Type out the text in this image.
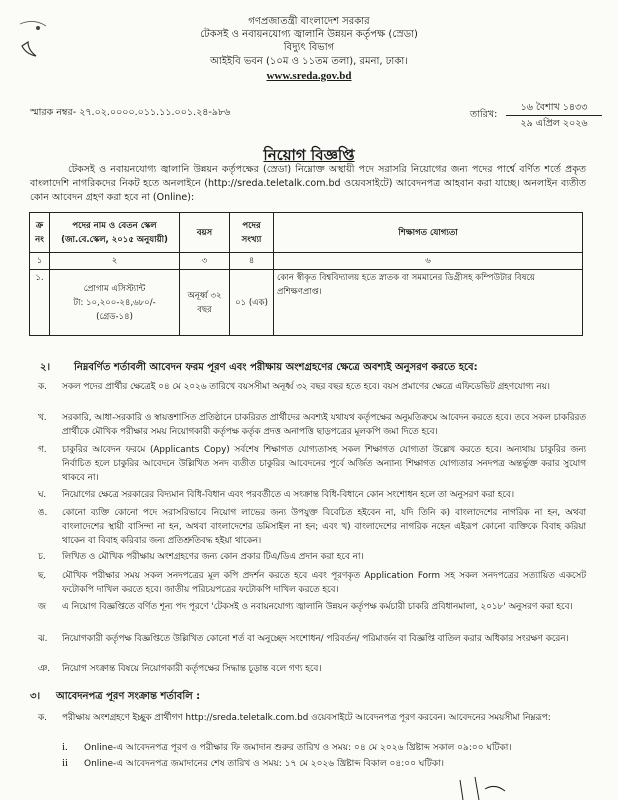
গণপ্রজাতন্ত্রী বাংলাদেশ সরকার
টেকসই ও নবায়নযোগ্য জ্বালানি উন্নয়ন কর্তৃপক্ষ (স্রেডা)
বিদ্যুৎ বিভাগ
আইইবি ভবন (১০ম ও ১১তম তলা), রমনা, ঢাকা।
www.sreda.gov.bd
স্মারক নম্বর- ২৭.০২.০০০০.০১১.১১.০০১.২৪-৯৮৬	তারিখ:
১৬ বৈশাখ ১৪৩৩
২৯ এপ্রিল ২০২৬
নিয়োগ বিজ্ঞপ্তি
টেকসই ও নবায়নযোগ্য জ্বালানি উন্নয়ন কর্তৃপক্ষের (স্রেডা) নিম্নোক্ত অস্থায়ী পদে সরাসরি নিয়োগের জন্য পদের পার্শ্বে বর্ণিত শর্তে প্রকৃত বাংলাদেশি নাগরিকদের নিকট হতে অনলাইনে (http://sreda.teletalk.com.bd ওয়েবসাইটে) আবেদনপত্র আহবান করা যাচ্ছে। অনলাইন ব্যতীত কোন আবেদন গ্রহণ করা হবে না (Online):
ক্র নং	পদের নাম ও বেতন স্কেল (জা.বে.স্কেল, ২০১৫ অনুযায়ী)	বয়স	পদের সংখ্যা	শিক্ষাগত যোগ্যতা
১	২	৩	৪	৬
১.	প্রোগাম এসিস্ট্যান্ট
টা: ১০,২০০-২৪,৬৮০/-
(গ্রেড-১৪)	অনূর্ধ্ব ৩২ বছর	০১ (এক)	কোন স্বীকৃত বিশ্ববিদ্যালয় হতে স্নাতক বা সমমানের ডিগ্রীসহ কম্পিউটার বিষয়ে প্রশিক্ষণপ্রাপ্ত।
২। নিম্নবর্ণিত শর্তাবলী আবেদন ফরম পূরণ এবং পরীক্ষায় অংশগ্রহণের ক্ষেত্রে অবশ্যই অনুসরণ করতে হবে:
ক. সকল পদের প্রার্থীর ক্ষেত্রেই ০৪ মে ২০২৬ তারিখে বয়সসীমা অনূর্ধ্ব ৩২ বছর বছর হতে হবে। বয়স প্রমাণের ক্ষেত্রে এফিডেভিট গ্রহণযোগ্য নয়।
খ. সরকারি, আধা-সরকারি ও স্বায়ত্তশাসিত প্রতিষ্ঠানে চাকরিরত প্রার্থীদের অবশ্যই যথাযথ কর্তৃপক্ষের অনুমতিক্রমে আবেদন করতে হবে। তবে সকল চাকরিরত প্রার্থীকে মৌখিক পরীক্ষার সময় নিয়োগকারী কর্তৃপক্ষ কর্তৃক প্রদত্ত অনাপত্তি ছাড়পত্রের মূলকপি জমা দিতে হবে।
গ. চাকুরির আবেদন ফরমে (Applicants Copy) সর্বশেষ শিক্ষাগত যোগ্যতাসহ সকল শিক্ষাগত যোগ্যতা উল্লেখ করতে হবে। অন্যথায় চাকুরির জন্য নির্বাচিত হলে চাকুরির আবেদনে উল্লিখিত সনদ ব্যতীত চাকুরির আবেদনের পূর্বে অর্জিত অন্যান্য শিক্ষাগত যোগ্যতার সনদপত্র অন্তর্ভুক্ত করার সুযোগ থাকবে না।
ঘ. নিয়োগের ক্ষেত্রে সরকারের বিদ্যমান বিধি-বিধান এবং পরবর্তীতে এ সংক্রান্ত বিধি-বিধানে কোন সংশোধন হলে তা অনুসরণ করা হবে।
ঙ. কোনো ব্যক্তি কোনো পদে সরাসরিভাবে নিয়োগ লাভের জন্য উপযুক্ত বিবেচিত হইবেন না, যদি তিনি ক) বাংলাদেশের নাগরিক না হন, অথবা বাংলাদেশের স্থায়ী বাসিন্দা না হন, অথবা বাংলাদেশের ডমিসাইল না হন; এবং খ) বাংলাদেশের নাগরিক নহেন এইরূপ কোনো ব্যক্তিকে বিবাহ করিয়া থাকেন বা বিবাহ করিবার জন্য প্রতিশ্রুতিবদ্ধ হইয়া থাকেন।
চ. লিখিত ও মৌখিক পরীক্ষায় অংশগ্রহণের জন্য কোন প্রকার টিএ/ডিএ প্রদান করা হবে না।
ছ. মৌখিক পরীক্ষার সময় সকল সনদপত্রের মূল কপি প্রদর্শন করতে হবে এবং পূরণকৃত Application Form সহ সকল সনদপত্রের সত্যায়িত একসেট ফটোকপি দাখিল করতে হবে। জাতীয় পরিচয়পত্রের ফটোকপি দাখিল করতে হবে।
জ এ নিয়োগ বিজ্ঞপ্তিতে বর্ণিত শূন্য পদ পূরণে 'টেকসই ও নবায়নযোগ্য জ্বালানি উন্নয়ন কর্তৃপক্ষ কর্মচারী চাকরি প্রবিধানমালা, ২০১৮' অনুসরণ করা হবে।
ঝ. নিয়োগকারী কর্তৃপক্ষ বিজ্ঞপ্তিতে উল্লিখিত কোনো শর্ত বা অনুচ্ছেদ সংশোধন/ পরিবর্তন/ পরিমার্জন বা বিজ্ঞপ্তি বাতিল করার অধিকার সংরক্ষণ করেন।
ঞ. নিয়োগ সংক্রান্ত বিষয়ে নিয়োগকারী কর্তৃপক্ষের সিদ্ধান্ত চূড়ান্ত বলে গণ্য হবে।
৩। আবেদনপত্র পূরণ সংক্রান্ত শর্তাবলি :
ক. পরীক্ষায় অংশগ্রহণে ইচ্ছুক প্রার্থীগণ http://sreda.teletalk.com.bd ওয়েবসাইটে আবেদনপত্র পূরণ করবেন। আবেদনের সময়সীমা নিম্নরূপ:
i. Online-এ আবেদনপত্র পূরণ ও পরীক্ষার ফি জমাদান শুরুর তারিখ ও সময়: ০৪ মে ২০২৬ খ্রিষ্টাব্দ সকাল ০৯:০০ ঘটিকা।
ii Online-এ আবেদনপত্র জমাদানের শেষ তারিখ ও সময়: ১৭ মে ২০২৬ খ্রিষ্টাব্দ বিকাল ০৪:০০ ঘটিকা।
